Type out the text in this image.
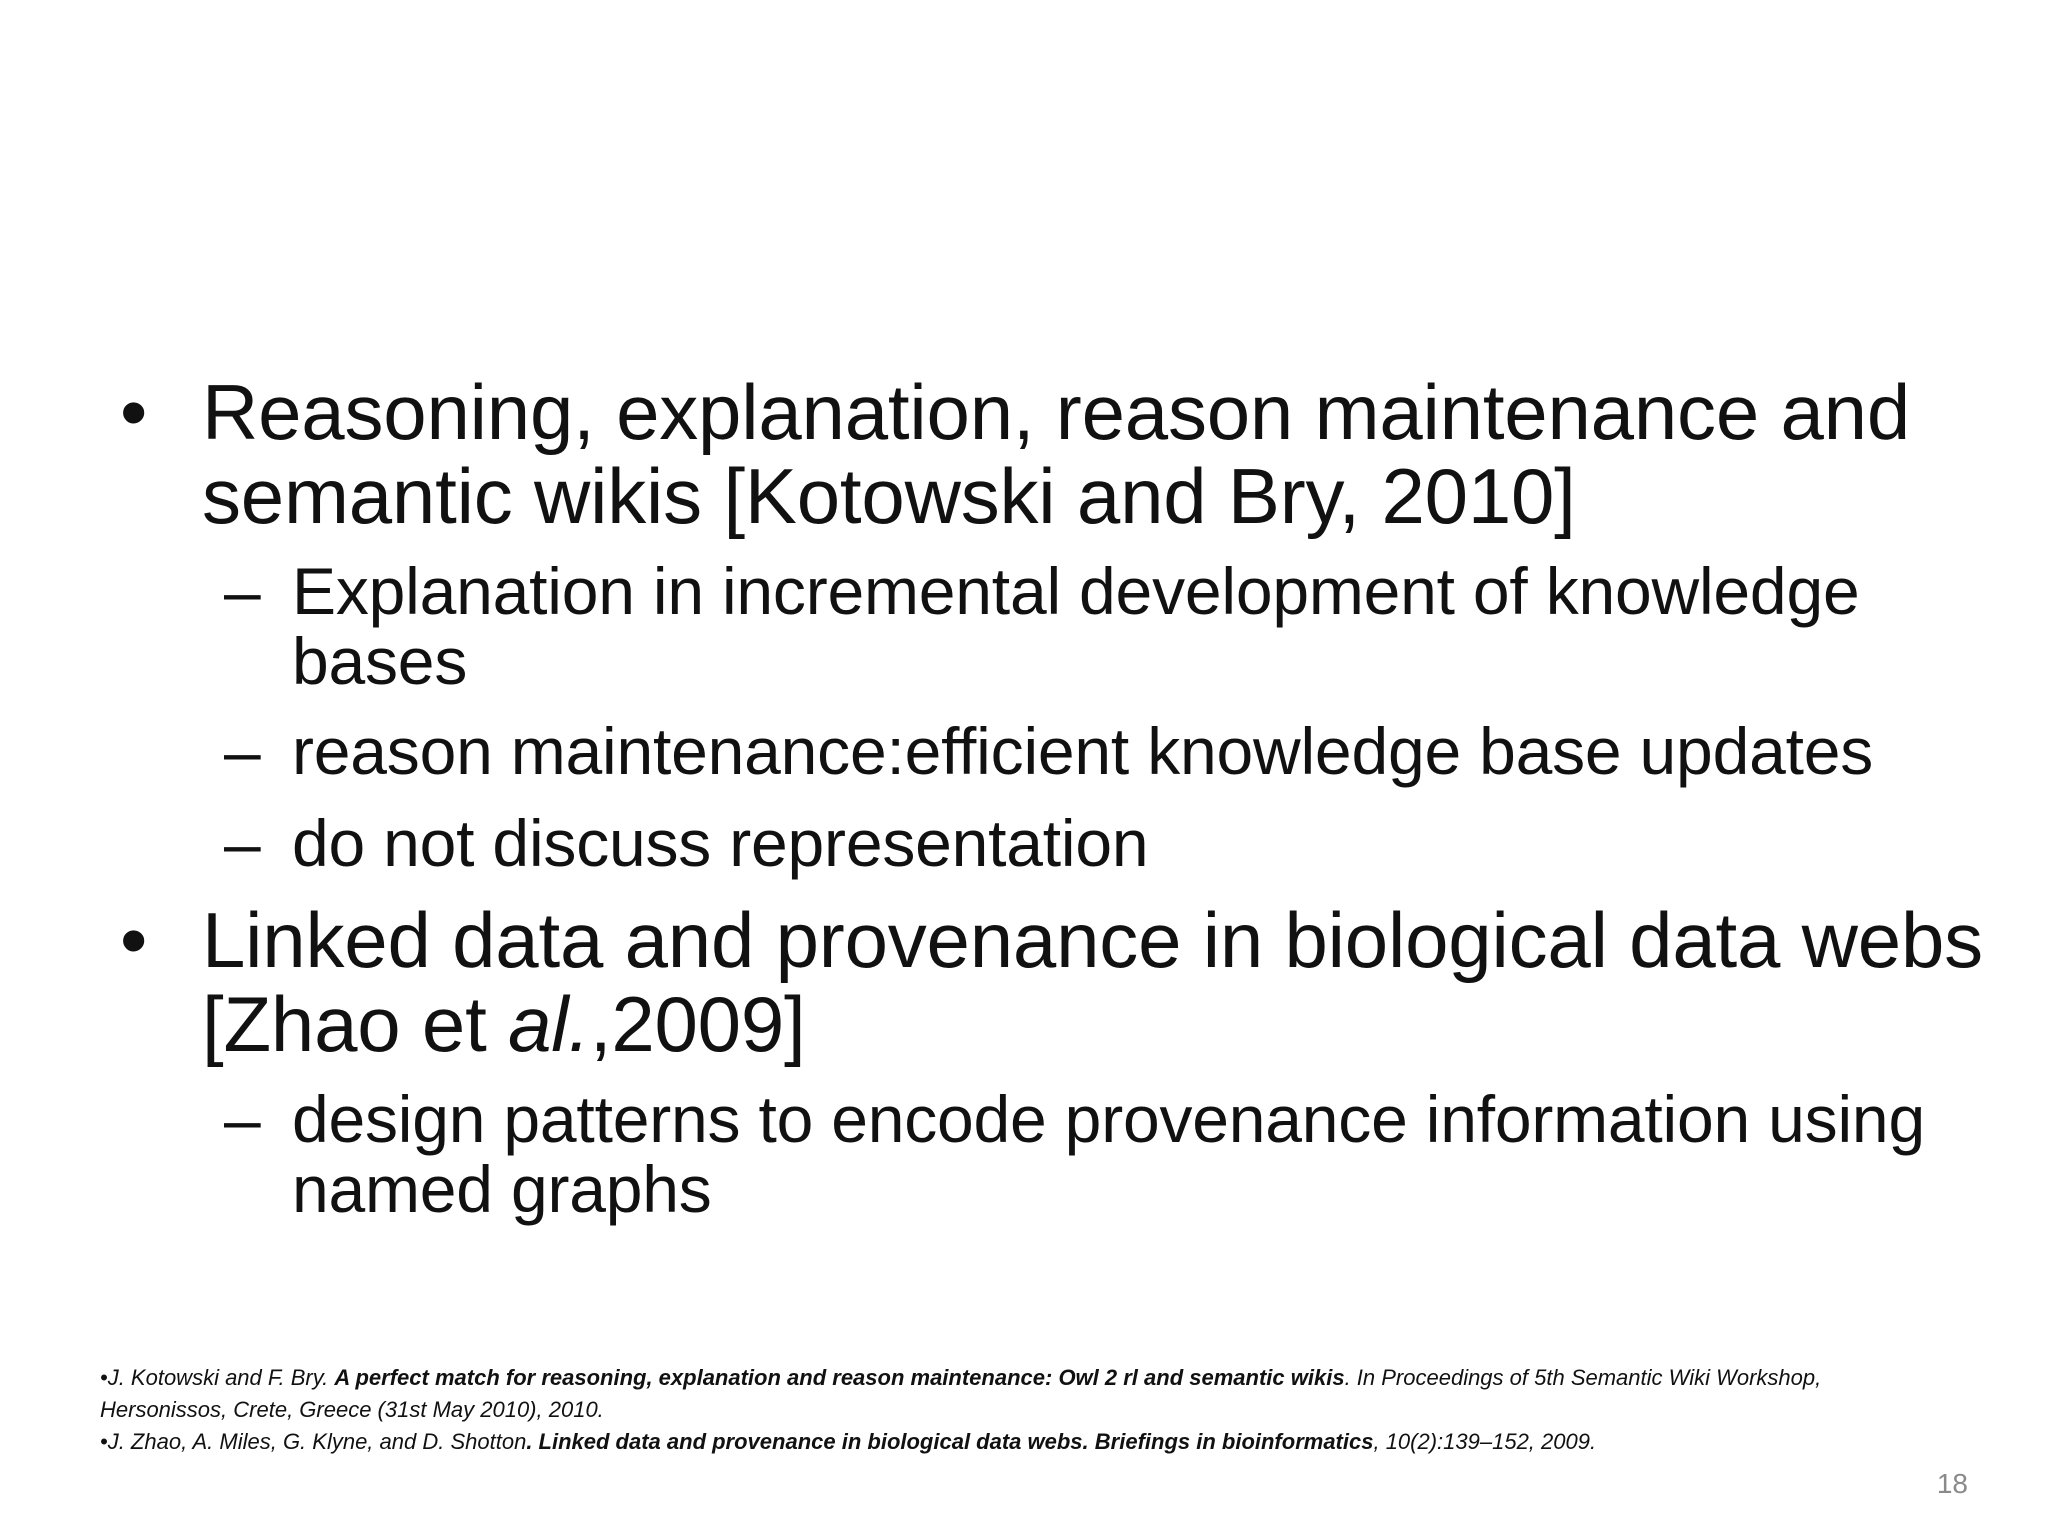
• Reasoning, explanation, reason maintenance and semantic wikis [Kotowski and Bry, 2010]
– Explanation in incremental development of knowledge bases
– reason maintenance:efficient knowledge base updates
– do not discuss representation
• Linked data and provenance in biological data webs [Zhao et al.,2009]
– design patterns to encode provenance information using named graphs

•J. Kotowski and F. Bry. A perfect match for reasoning, explanation and reason maintenance: Owl 2 rl and semantic wikis. In Proceedings of 5th Semantic Wiki Workshop, Hersonissos, Crete, Greece (31st May 2010), 2010.

•J. Zhao, A. Miles, G. Klyne, and D. Shotton. Linked data and provenance in biological data webs. Briefings in bioinformatics, 10(2):139–152, 2009.

18
